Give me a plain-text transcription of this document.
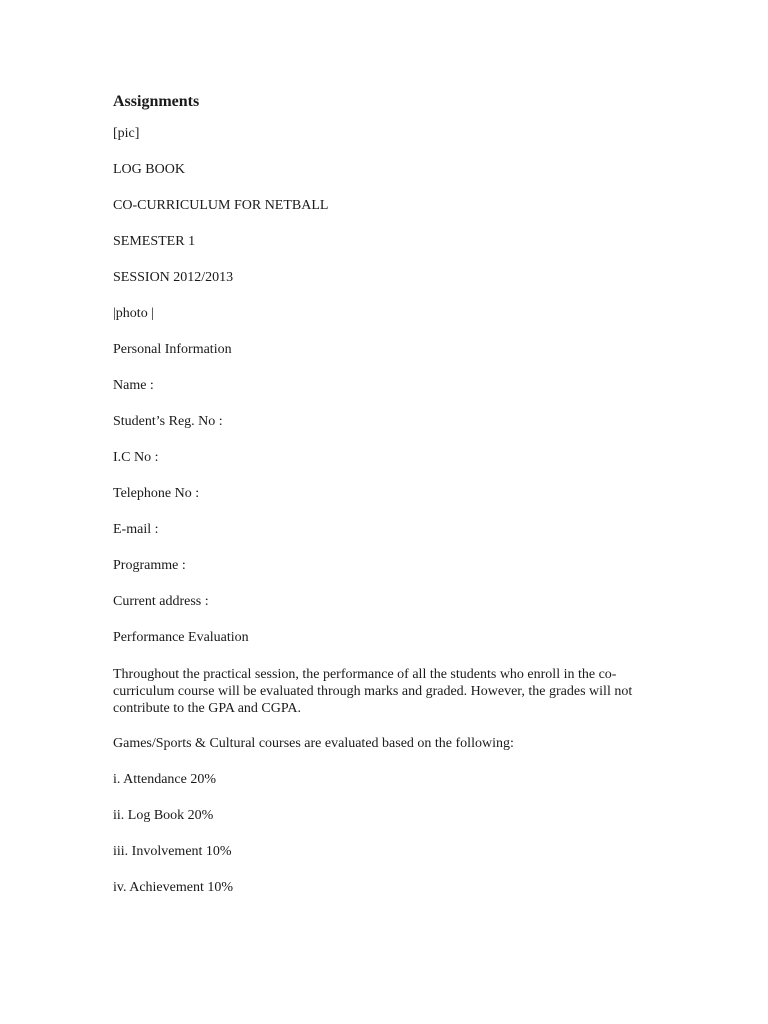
Assignments
[pic]
LOG BOOK
CO-CURRICULUM FOR NETBALL
SEMESTER 1
SESSION 2012/2013
|photo |
Personal Information
Name :
Student’s Reg. No :
I.C No :
Telephone No :
E-mail :
Programme :
Current address :
Performance Evaluation
Throughout the practical session, the performance of all the students who enroll in the co-curriculum course will be evaluated through marks and graded. However, the grades will not contribute to the GPA and CGPA.
Games/Sports & Cultural courses are evaluated based on the following:
i. Attendance 20%
ii. Log Book 20%
iii. Involvement 10%
iv. Achievement 10%
